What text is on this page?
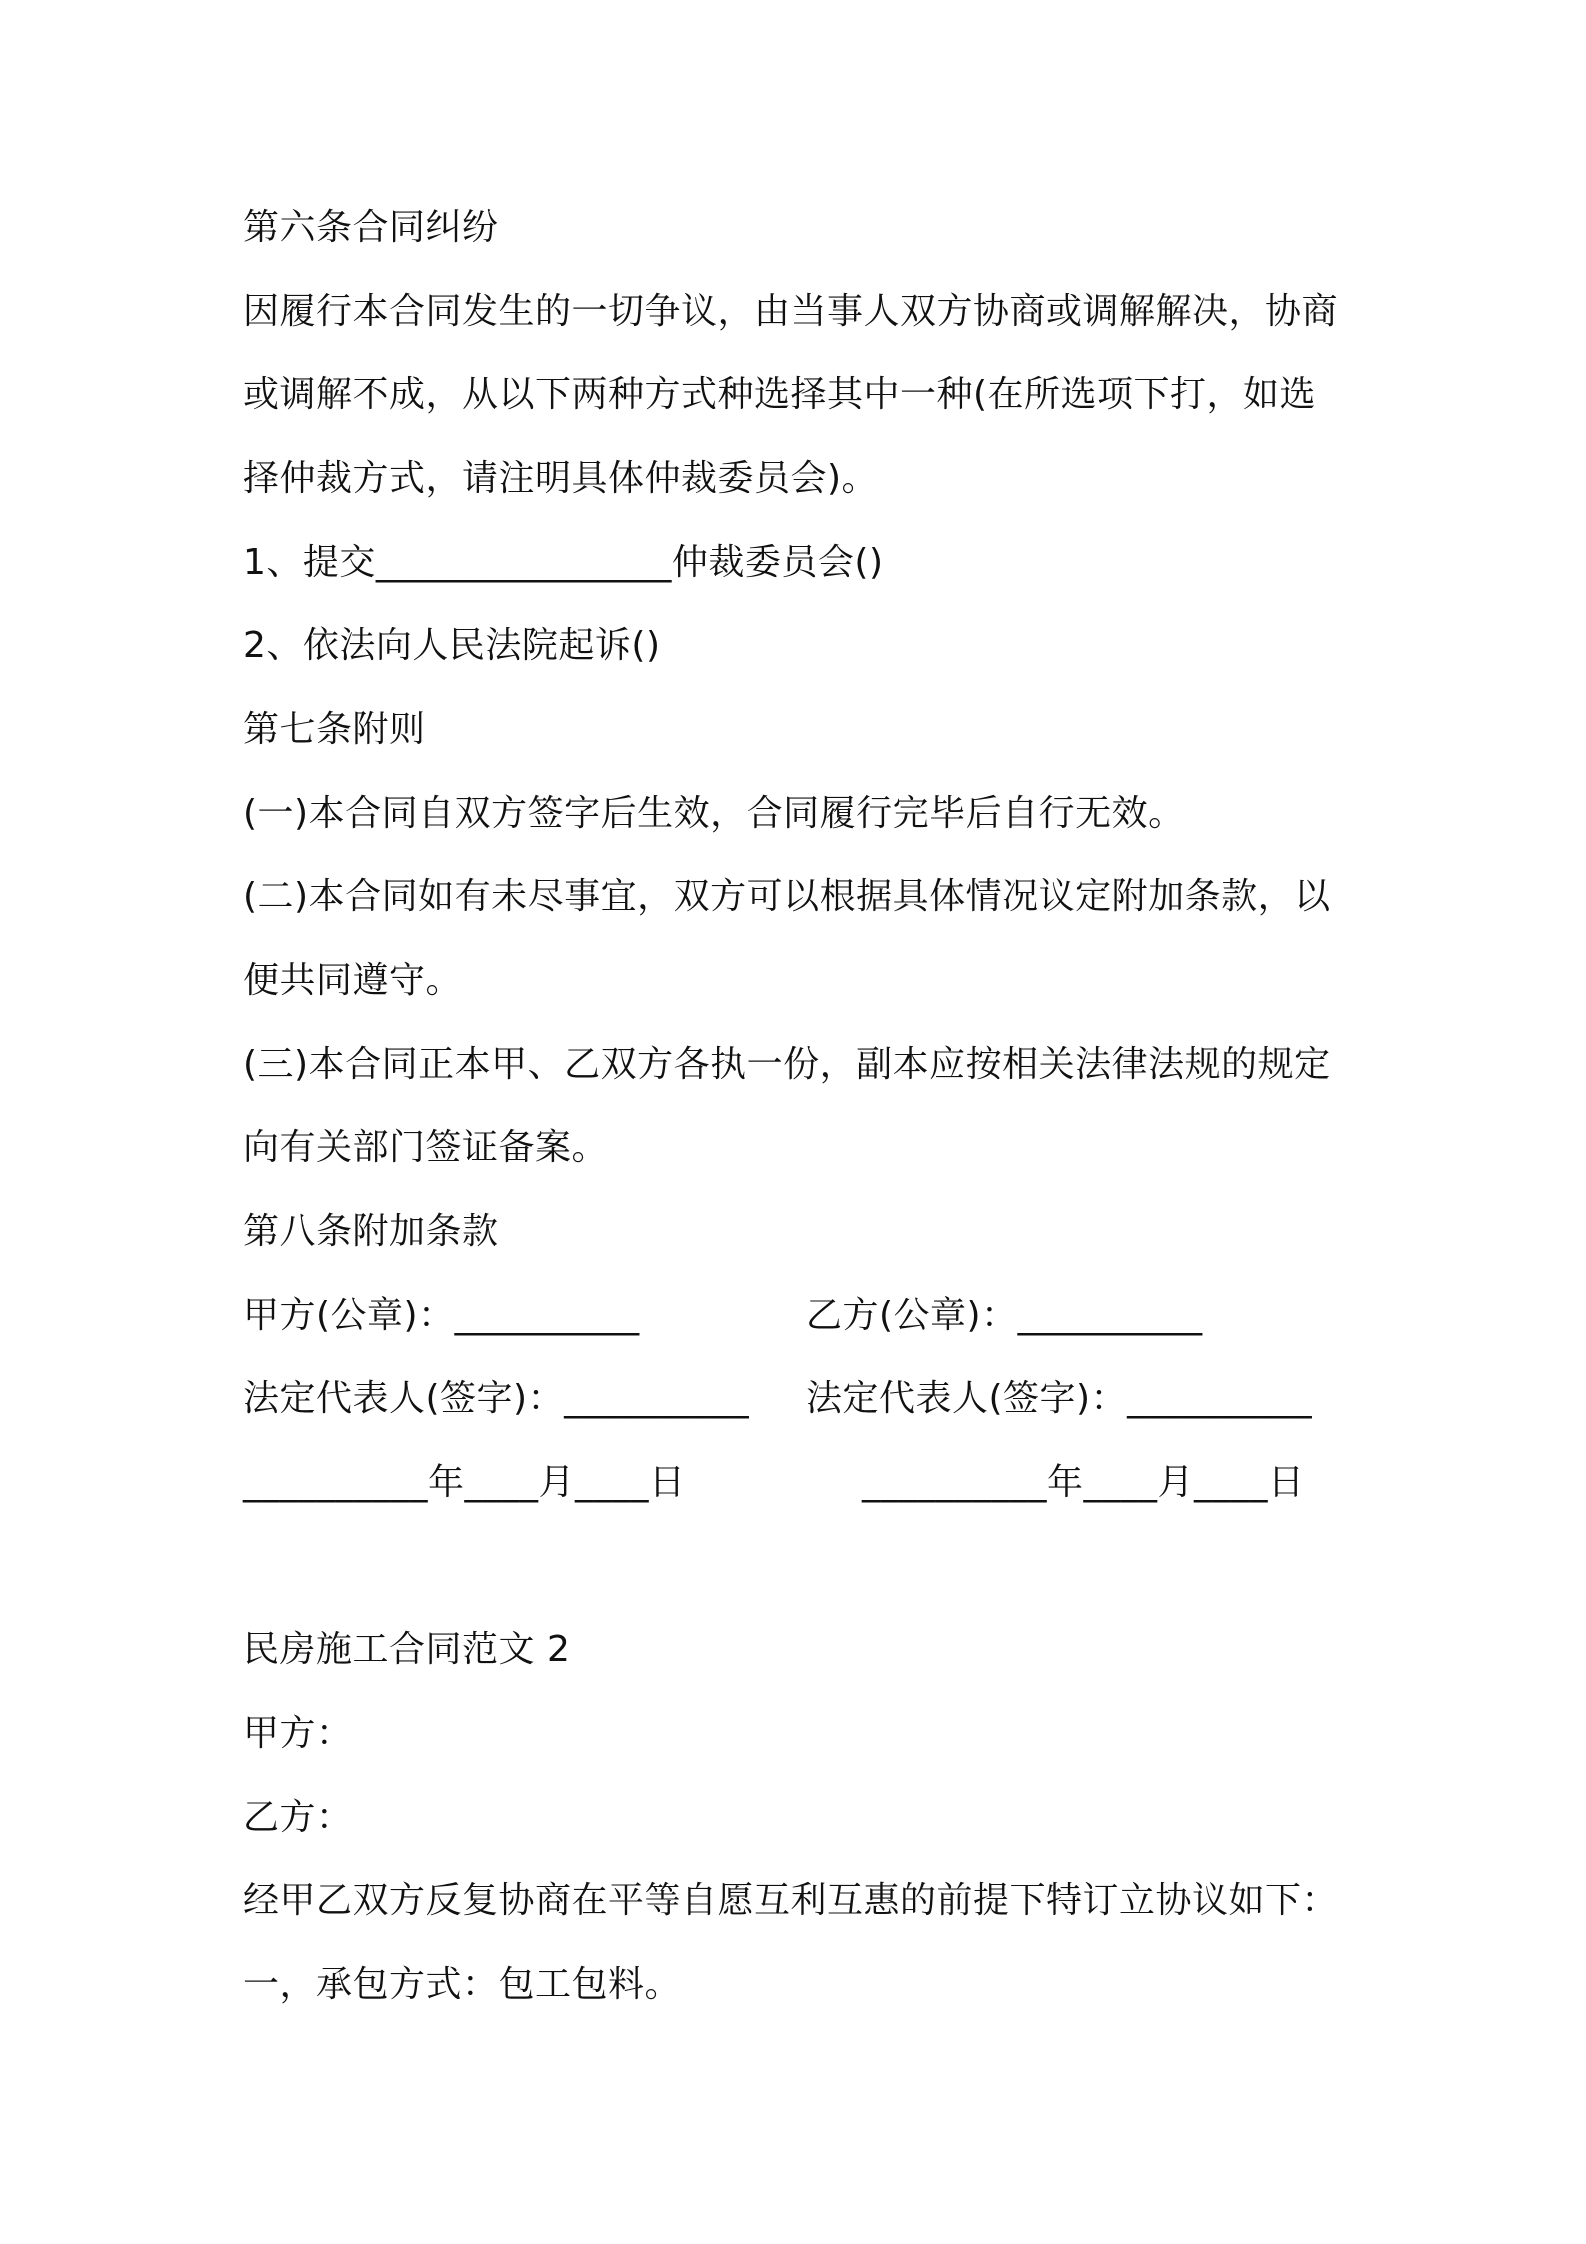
第六条合同纠纷
因履行本合同发生的一切争议，由当事人双方协商或调解解决，协商
或调解不成，从以下两种方式种选择其中一种(在所选项下打，如选
择仲裁方式，请注明具体仲裁委员会)。
1、提交________________仲裁委员会()
2、依法向人民法院起诉()
第七条附则
(一)本合同自双方签字后生效，合同履行完毕后自行无效。
(二)本合同如有未尽事宜，双方可以根据具体情况议定附加条款，以
便共同遵守。
(三)本合同正本甲、乙双方各执一份，副本应按相关法律法规的规定
向有关部门签证备案。
第八条附加条款
甲方(公章)：__________	乙方(公章)：__________
法定代表人(签字)：__________ 法定代表人(签字)：__________
__________年____月____日	__________年____月____日
民房施工合同范文 2
甲方：
乙方：
经甲乙双方反复协商在平等自愿互利互惠的前提下特订立协议如下：
一，承包方式：包工包料。
